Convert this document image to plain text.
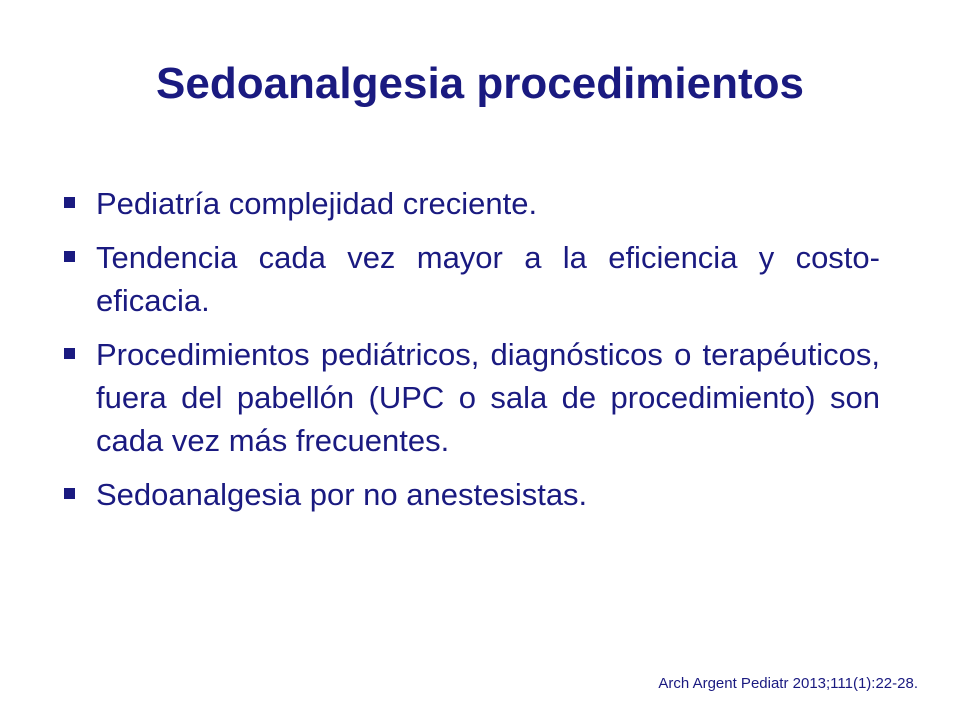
Sedoanalgesia procedimientos
Pediatría complejidad creciente.
Tendencia cada vez mayor a la eficiencia y costo-eficacia.
Procedimientos pediátricos, diagnósticos o terapéuticos, fuera del pabellón (UPC o sala de procedimiento) son cada vez más frecuentes.
Sedoanalgesia por no anestesistas.
Arch Argent Pediatr 2013;111(1):22-28.
